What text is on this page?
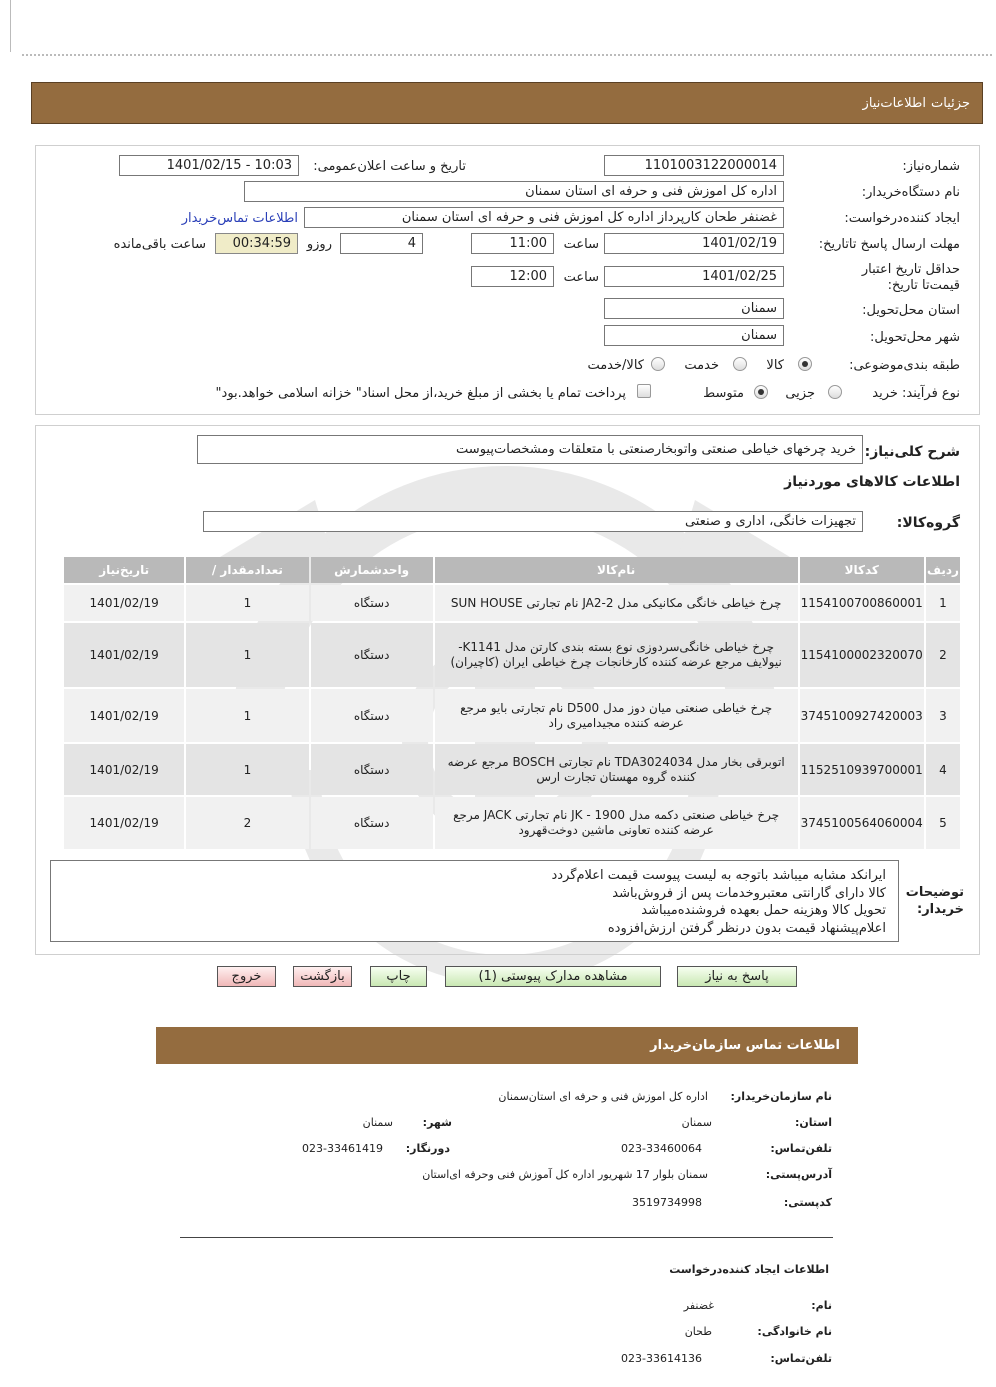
جزئیات
اطلاعات‌نیاز
شماره‌نیاز:
1101003122000014
تاریخ و ساعت اعلان‌عمومی:
1401/02/15 - 10:03
نام دستگاه‌خریدار:
اداره کل اموزش فنی و حرفه ای استان سمنان
ایجاد کننده‌درخواست:
غضنفر طحان کارپرداز اداره کل اموزش فنی و حرفه ای استان سمنان
اطلاعات تماس‌خریدار
مهلت ارسال پاسخ تا‌تاریخ:
1401/02/19
ساعت
11:00
4
روزو
00:34:59
ساعت باقی‌مانده
حداقل تاریخ اعتبار قیمت‌تا تاریخ:
1401/02/25
ساعت
12:00
استان محل‌تحویل:
سمنان
شهر محل‌تحویل:
سمنان
طبقه بندی‌موضوعی:
کالا
خدمت
کالا/خدمت
نوع فرآیند: خرید
جزیی
متوسط
پرداخت تمام یا بخشی از مبلغ خرید،از محل اسناد" خزانه اسلامی خواهد.بود"
شرح کلی‌نیاز:
خرید چرخهای خیاطی صنعتی واتوبخارصنعتی با متعلقات ومشخصات‌پیوست
اطلاعات کالاهای موردنیاز
گروه‌کالا:
تجهیزات خانگی، اداری و صنعتی
ردیف	کدکالا	نام‌کالا	واحدشمارش	تعدادمقدار /	تاریخ‌نیاز
1	1154100700860001	چرخ خیاطی خانگی مکانیکی مدل JA2-2 نام تجارتی SUN HOUSE	دستگاه	1	1401/02/19
2	1154100002320070	چرخ خیاطی خانگی‌سردوزی نوع بسته بندی کارتن مدل K1141- نیولایف مرجع عرضه کننده کارخانجات چرخ خیاطی ایران (کاچیران)	دستگاه	1	1401/02/19
3	3745100927420003	چرخ خیاطی صنعتی میان دوز مدل D500 نام تجارتی بایو مرجع عرضه کننده مجید‌امیری راد	دستگاه	1	1401/02/19
4	1152510939700001	اتوبرقی بخار مدل TDA3024034 نام تجارتی BOSCH مرجع عرضه کننده گروه مهستان تجارت ارس	دستگاه	1	1401/02/19
5	3745100564060004	چرخ خیاطی صنعتی دکمه مدل JK - 1900 نام تجارتی JACK مرجع عرضه کننده تعاونی ماشین دوخت‌قهرود	دستگاه	2	1401/02/19
توضیحات خریدار:
ایرانکد مشابه میباشد باتوجه به لیست پیوست قیمت اعلام‌گردد
کالا دارای گارانتی معتبروخدمات پس از فروش‌باشد
تحویل کالا وهزینه حمل بعهده فروشنده‌میباشد
اعلام‌پیشنهاد قیمت بدون درنظر گرفتن ارزش‌افزوده
پاسخ به نیاز
مشاهده مدارک پیوستی (1)
چاپ
بازگشت
خروج
اطلاعات تماس سازمان‌خریدار
نام سازمان‌خریدار:
اداره کل اموزش فنی و حرفه ای استان‌سمنان
استان:
سمنان
شهر:
سمنان
تلفن‌تماس:
023-33460064
دورنگار:
023-33461419
آدرس‌پستی:
سمنان بلوار 17 شهریور اداره کل آموزش فنی وحرفه ای‌استان
کد‌پستی:
3519734998
اطلاعات ایجاد کننده‌درخواست
نام:
غضنفر
نام خانوادگی:
طحان
تلفن‌تماس:
023-33614136
